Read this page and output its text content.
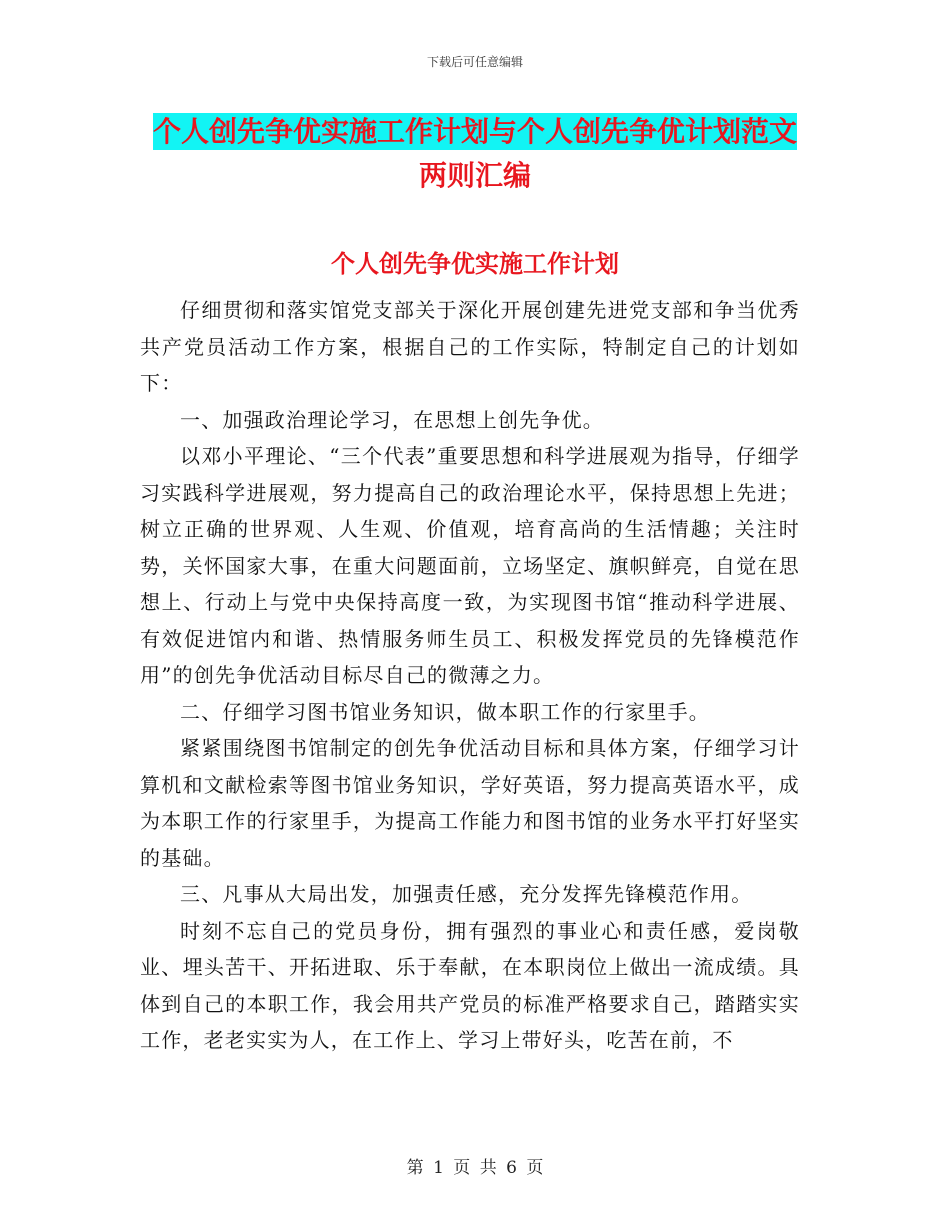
下载后可任意编辑
个人创先争优实施工作计划与个人创先争优计划范文
两则汇编
个人创先争优实施工作计划

仔细贯彻和落实馆党支部关于深化开展创建先进党支部和争当优秀共产党员活动工作方案，根据自己的工作实际，特制定自己的计划如下：

一、加强政治理论学习，在思想上创先争优。

以邓小平理论、“三个代表”重要思想和科学进展观为指导，仔细学习实践科学进展观，努力提高自己的政治理论水平，保持思想上先进；树立正确的世界观、人生观、价值观，培育高尚的生活情趣；关注时势，关怀国家大事，在重大问题面前，立场坚定、旗帜鲜亮，自觉在思想上、行动上与党中央保持高度一致，为实现图书馆“推动科学进展、有效促进馆内和谐、热情服务师生员工、积极发挥党员的先锋模范作用”的创先争优活动目标尽自己的微薄之力。

二、仔细学习图书馆业务知识，做本职工作的行家里手。

紧紧围绕图书馆制定的创先争优活动目标和具体方案，仔细学习计算机和文献检索等图书馆业务知识，学好英语，努力提高英语水平，成为本职工作的行家里手，为提高工作能力和图书馆的业务水平打好坚实的基础。

三、凡事从大局出发，加强责任感，充分发挥先锋模范作用。

时刻不忘自己的党员身份，拥有强烈的事业心和责任感，爱岗敬业、埋头苦干、开拓进取、乐于奉献，在本职岗位上做出一流成绩。具体到自己的本职工作，我会用共产党员的标准严格要求自己，踏踏实实工作，老老实实为人，在工作上、学习上带好头，吃苦在前，不

第 1 页 共 6 页
